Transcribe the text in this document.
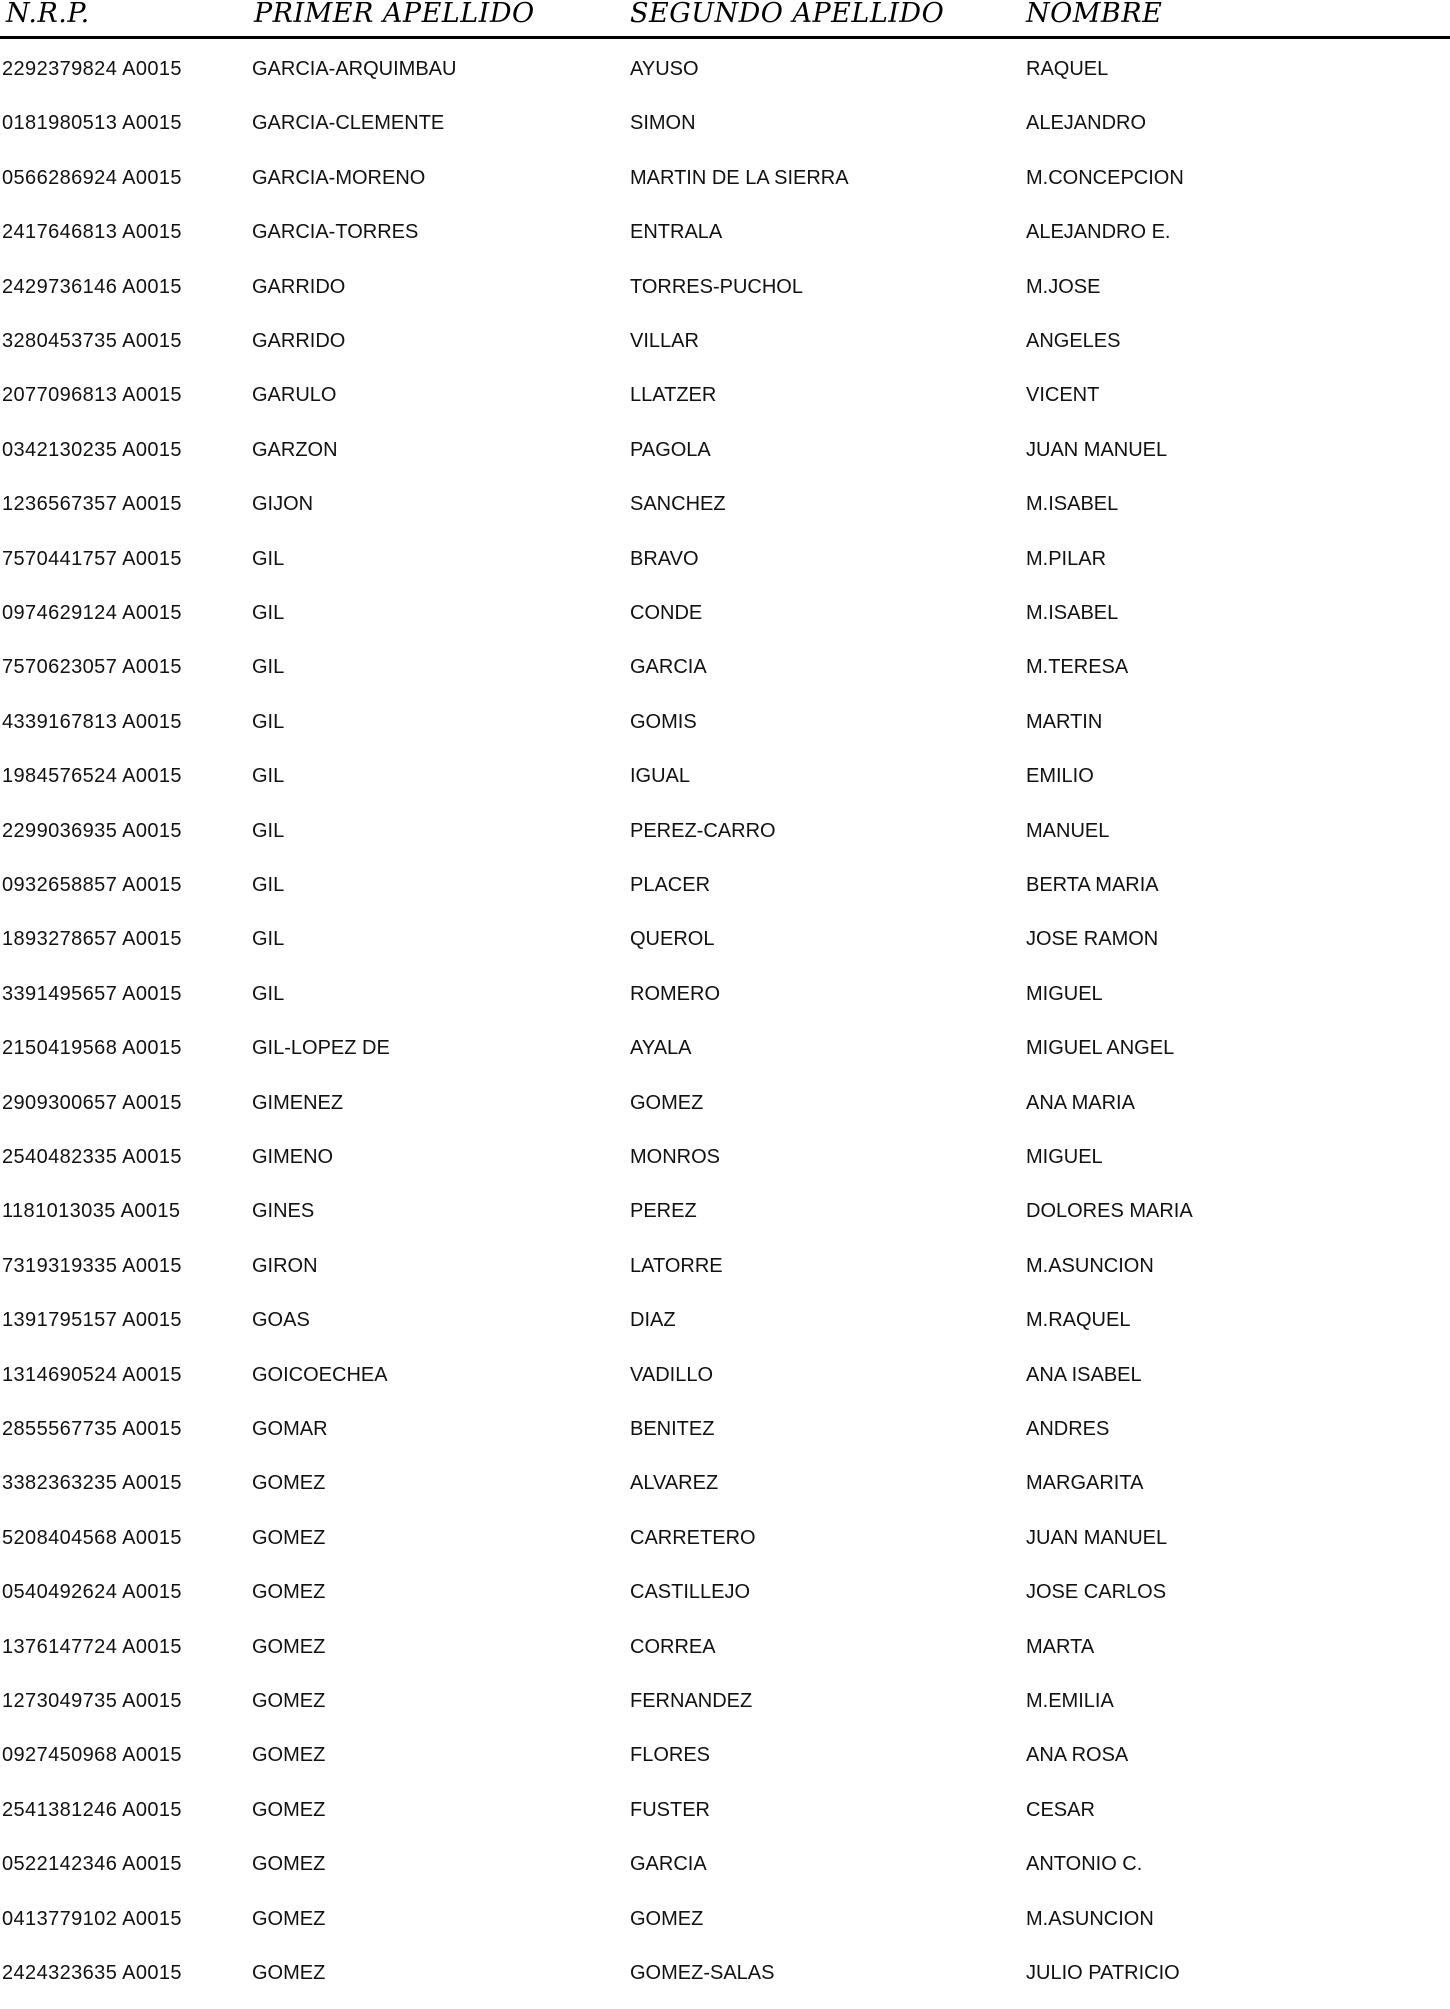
N.R.P.	PRIMER APELLIDO	SEGUNDO APELLIDO	NOMBRE
2292379824 A0015	GARCIA-ARQUIMBAU	AYUSO	RAQUEL
0181980513 A0015	GARCIA-CLEMENTE	SIMON	ALEJANDRO
0566286924 A0015	GARCIA-MORENO	MARTIN DE LA SIERRA	M.CONCEPCION
2417646813 A0015	GARCIA-TORRES	ENTRALA	ALEJANDRO E.
2429736146 A0015	GARRIDO	TORRES-PUCHOL	M.JOSE
3280453735 A0015	GARRIDO	VILLAR	ANGELES
2077096813 A0015	GARULO	LLATZER	VICENT
0342130235 A0015	GARZON	PAGOLA	JUAN MANUEL
1236567357 A0015	GIJON	SANCHEZ	M.ISABEL
7570441757 A0015	GIL	BRAVO	M.PILAR
0974629124 A0015	GIL	CONDE	M.ISABEL
7570623057 A0015	GIL	GARCIA	M.TERESA
4339167813 A0015	GIL	GOMIS	MARTIN
1984576524 A0015	GIL	IGUAL	EMILIO
2299036935 A0015	GIL	PEREZ-CARRO	MANUEL
0932658857 A0015	GIL	PLACER	BERTA MARIA
1893278657 A0015	GIL	QUEROL	JOSE RAMON
3391495657 A0015	GIL	ROMERO	MIGUEL
2150419568 A0015	GIL-LOPEZ DE	AYALA	MIGUEL ANGEL
2909300657 A0015	GIMENEZ	GOMEZ	ANA MARIA
2540482335 A0015	GIMENO	MONROS	MIGUEL
1181013035 A0015	GINES	PEREZ	DOLORES MARIA
7319319335 A0015	GIRON	LATORRE	M.ASUNCION
1391795157 A0015	GOAS	DIAZ	M.RAQUEL
1314690524 A0015	GOICOECHEA	VADILLO	ANA ISABEL
2855567735 A0015	GOMAR	BENITEZ	ANDRES
3382363235 A0015	GOMEZ	ALVAREZ	MARGARITA
5208404568 A0015	GOMEZ	CARRETERO	JUAN MANUEL
0540492624 A0015	GOMEZ	CASTILLEJO	JOSE CARLOS
1376147724 A0015	GOMEZ	CORREA	MARTA
1273049735 A0015	GOMEZ	FERNANDEZ	M.EMILIA
0927450968 A0015	GOMEZ	FLORES	ANA ROSA
2541381246 A0015	GOMEZ	FUSTER	CESAR
0522142346 A0015	GOMEZ	GARCIA	ANTONIO C.
0413779102 A0015	GOMEZ	GOMEZ	M.ASUNCION
2424323635 A0015	GOMEZ	GOMEZ-SALAS	JULIO PATRICIO
